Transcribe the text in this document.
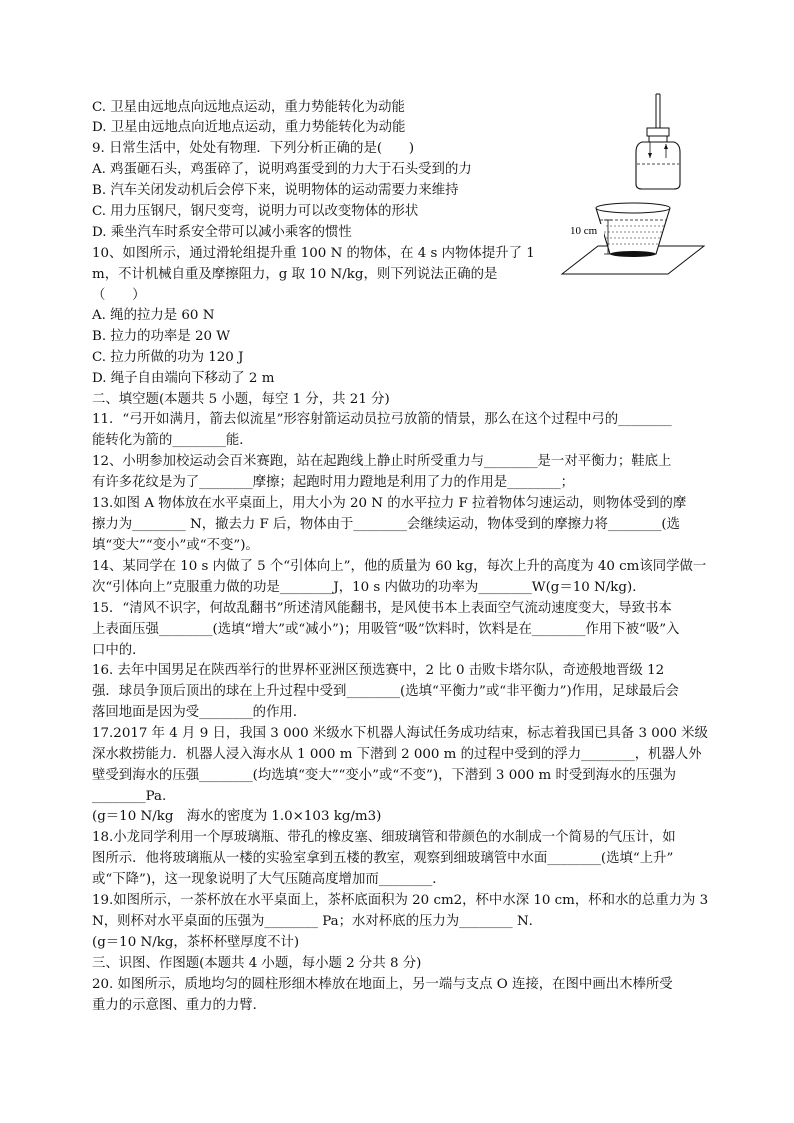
C. 卫星由远地点向远地点运动，重力势能转化为动能
D. 卫星由远地点向近地点运动，重力势能转化为动能
9. 日常生活中，处处有物理．下列分析正确的是(　　)
A. 鸡蛋砸石头，鸡蛋碎了，说明鸡蛋受到的力大于石头受到的力
B. 汽车关闭发动机后会停下来，说明物体的运动需要力来维持
C. 用力压钢尺，钢尺变弯，说明力可以改变物体的形状
D. 乘坐汽车时系安全带可以减小乘客的惯性
10、如图所示，通过滑轮组提升重 100 N 的物体，在 4 s 内物体提升了 1
m，不计机械自重及摩擦阻力，g 取 10 N/kg，则下列说法正确的是
（　　）
A. 绳的拉力是 60 N
B. 拉力的功率是 20 W
C. 拉力所做的功为 120 J
D. 绳子自由端向下移动了 2 m
二、填空题(本题共 5 小题，每空 1 分，共 21 分)
11．“弓开如满月，箭去似流星”形容射箭运动员拉弓放箭的情景，那么在这个过程中弓的________
能转化为箭的________能．
12、小明参加校运动会百米赛跑，站在起跑线上静止时所受重力与________是一对平衡力；鞋底上
有许多花纹是为了________摩擦；起跑时用力蹬地是利用了力的作用是________；
13.如图 A 物体放在水平桌面上，用大小为 20 N 的水平拉力 F 拉着物体匀速运动，则物体受到的摩
擦力为________ N，撤去力 F 后，物体由于________会继续运动，物体受到的摩擦力将________(选
填“变大”“变小”或“不变”)。
14、某同学在 10 s 内做了 5 个“引体向上”，他的质量为 60 kg，每次上升的高度为 40 cm该同学做一
次“引体向上”克服重力做的功是________J，10 s 内做功的功率为________W(g＝10 N/kg)．
15．“清风不识字，何故乱翻书”所述清风能翻书，是风使书本上表面空气流动速度变大，导致书本
上表面压强________(选填“增大”或“减小”)；用吸管“吸”饮料时，饮料是在________作用下被“吸”入
口中的．
16. 去年中国男足在陕西举行的世界杯亚洲区预选赛中，2 比 0 击败卡塔尔队，奇迹般地晋级 12
强．球员争顶后顶出的球在上升过程中受到________(选填“平衡力”或“非平衡力”)作用，足球最后会
落回地面是因为受________的作用．
17.2017 年 4 月 9 日，我国 3 000 米级水下机器人海试任务成功结束，标志着我国已具备 3 000 米级
深水救捞能力．机器人浸入海水从 1 000 m 下潜到 2 000 m 的过程中受到的浮力________，机器人外
壁受到海水的压强________(均选填“变大”“变小”或“不变”)，下潜到 3 000 m 时受到海水的压强为
________Pa.
(g＝10 N/kg　海水的密度为 1.0×103 kg/m3)
18.小龙同学利用一个厚玻璃瓶、带孔的橡皮塞、细玻璃管和带颜色的水制成一个简易的气压计，如
图所示．他将玻璃瓶从一楼的实验室拿到五楼的教室，观察到细玻璃管中水面________(选填“上升”
或“下降”)，这一现象说明了大气压随高度增加而________．
19.如图所示，一茶杯放在水平桌面上，茶杯底面积为 20 cm2，杯中水深 10 cm，杯和水的总重力为 3
N，则杯对水平桌面的压强为________ Pa；水对杯底的压力为________ N．
(g＝10 N/kg，茶杯杯壁厚度不计)
三、识图、作图题(本题共 4 小题，每小题 2 分共 8 分)
20. 如图所示，质地均匀的圆柱形细木棒放在地面上，另一端与支点 O 连接，在图中画出木棒所受
重力的示意图、重力的力臂．
10 cm
